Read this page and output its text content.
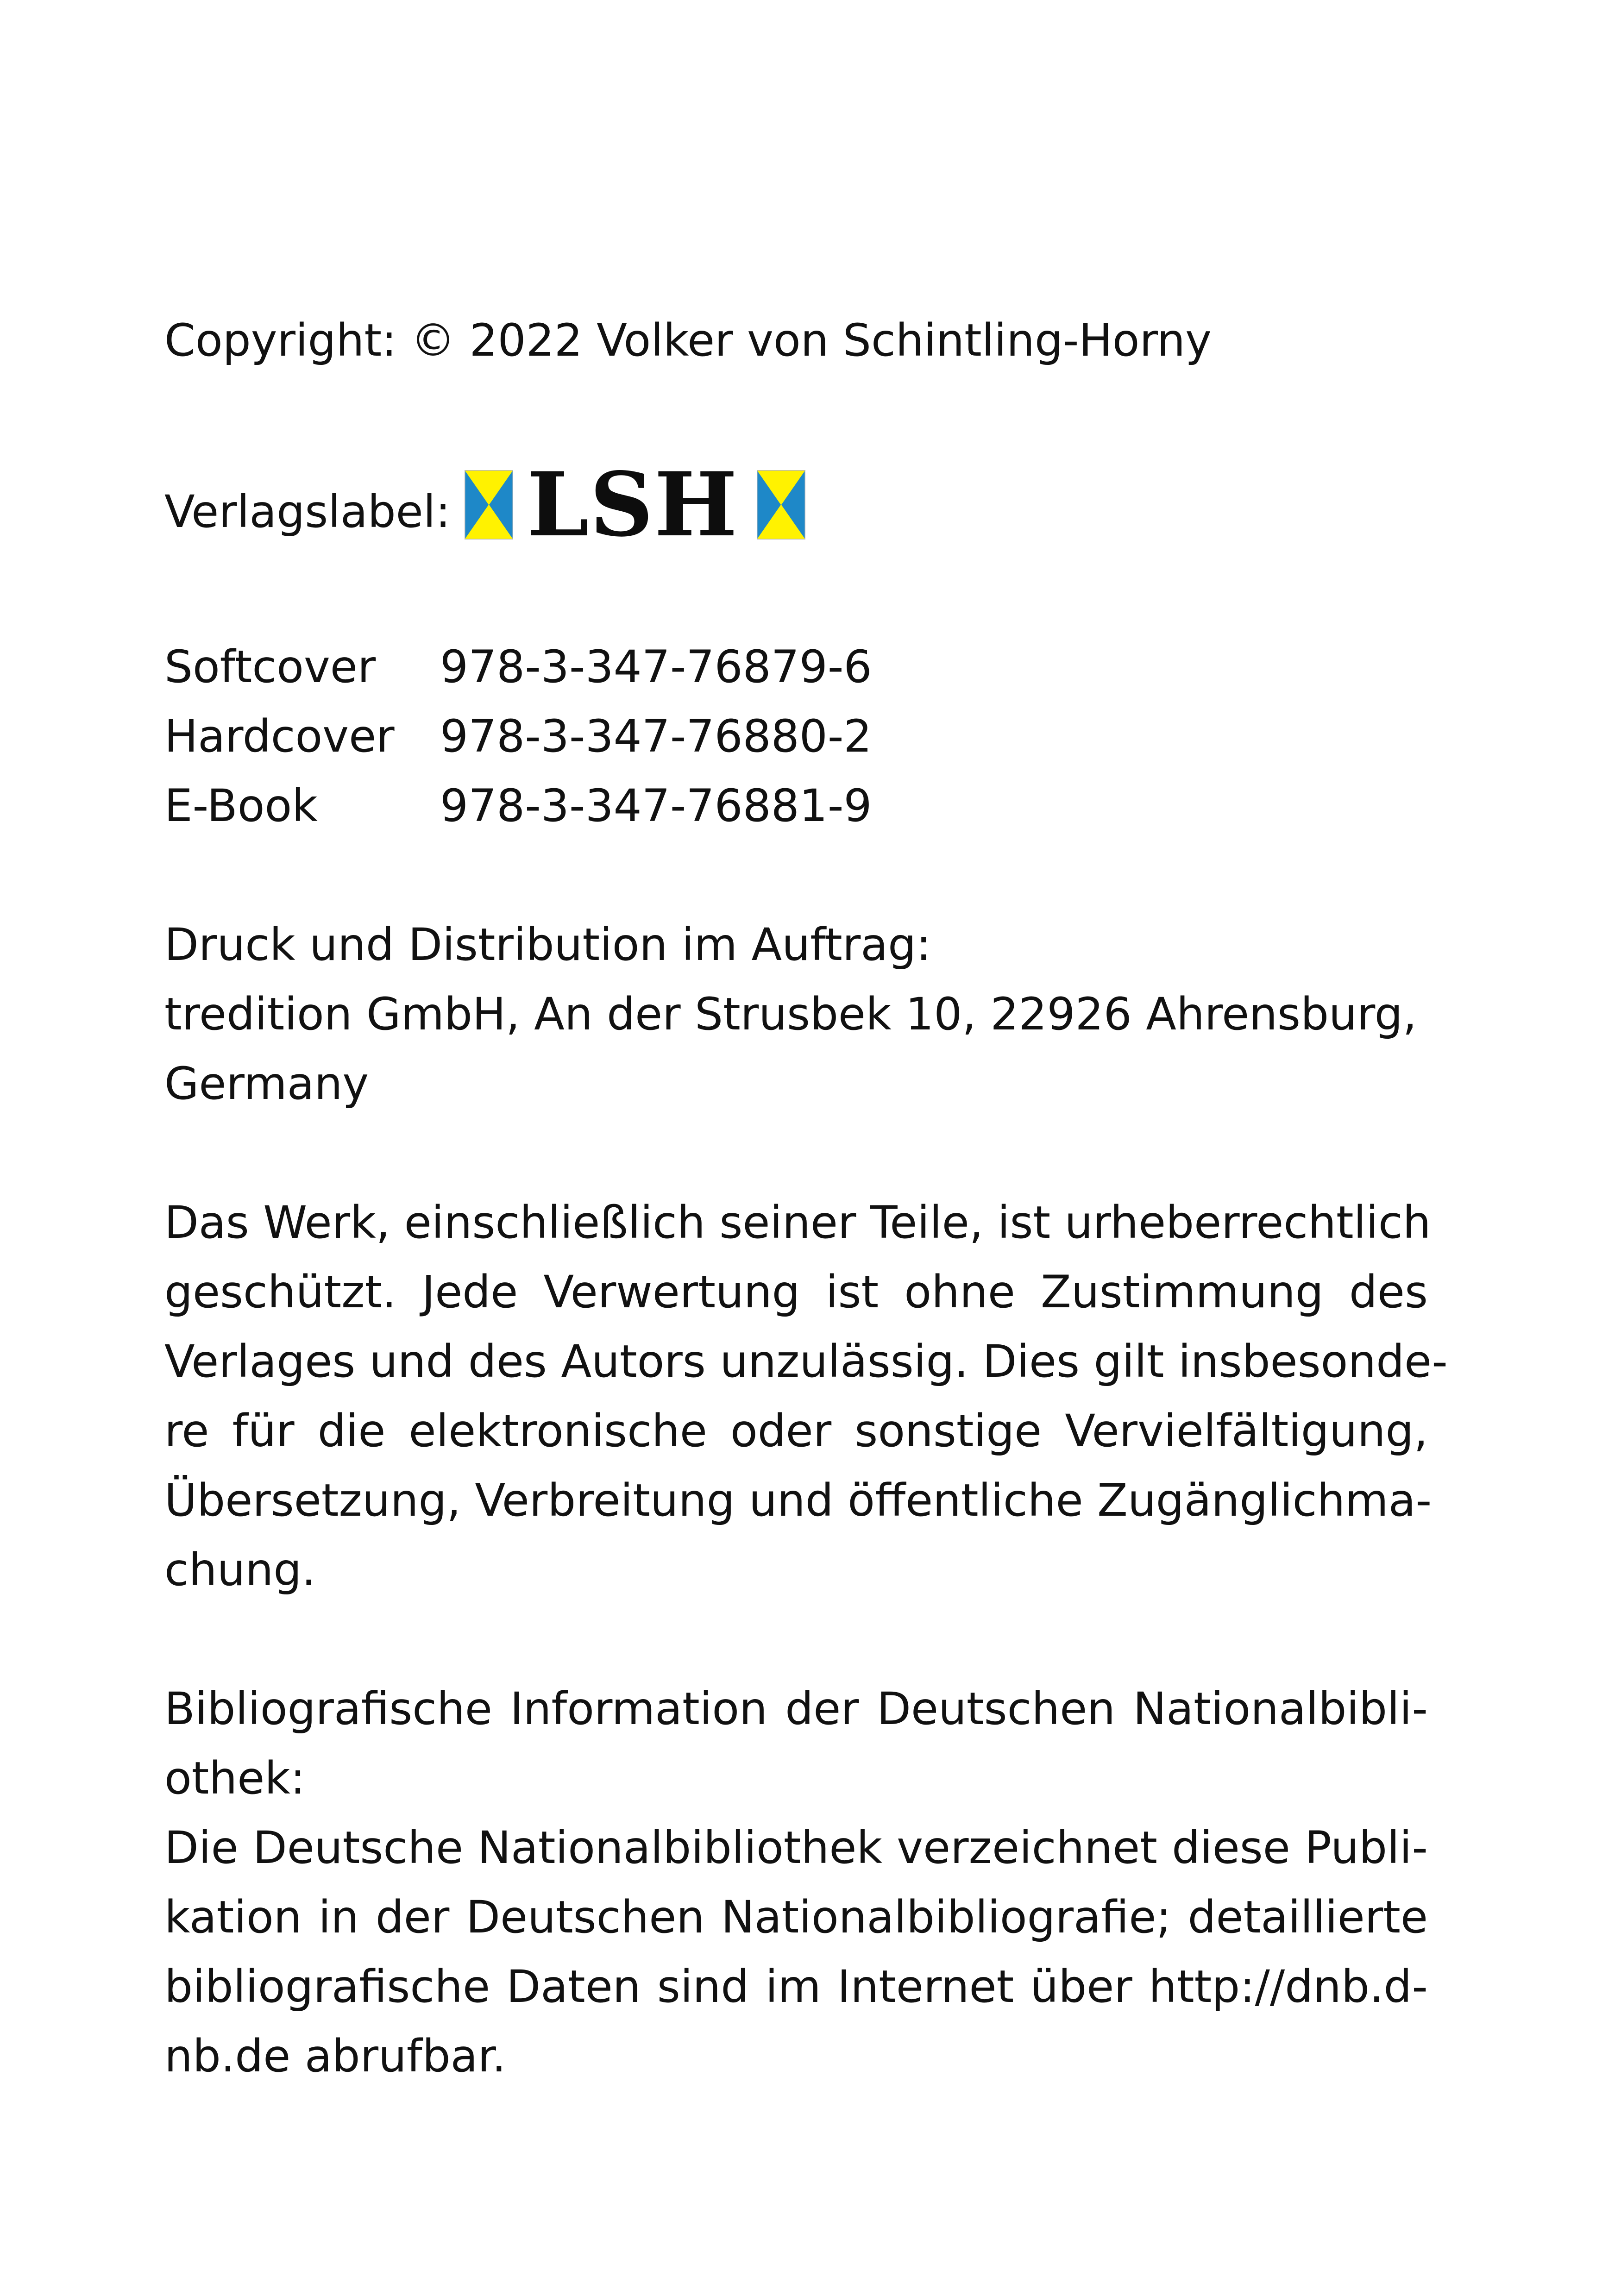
Copyright: © 2022 Volker von Schintling-Horny
Verlagslabel: LSH
Softcover 978-3-347-76879-6
Hardcover 978-3-347-76880-2
E-Book	978-3-347-76881-9
Druck und Distribution im Auftrag:
tredition GmbH, An der Strusbek 10, 22926 Ahrensburg,
Germany
Das Werk, einschließlich seiner Teile, ist urheberrechtlich
geschützt. Jede Verwertung ist ohne Zustimmung des
Verlages und des Autors unzulässig. Dies gilt insbesonde-
re für die elektronische oder sonstige Vervielfältigung,
Übersetzung, Verbreitung und öffentliche Zugänglichma-
chung.
Bibliografische Information der Deutschen Nationalbibli-
othek:
Die Deutsche Nationalbibliothek verzeichnet diese Publi-
kation in der Deutschen Nationalbibliografie; detaillierte
bibliografische Daten sind im Internet über http://dnb.d-
nb.de abrufbar.
